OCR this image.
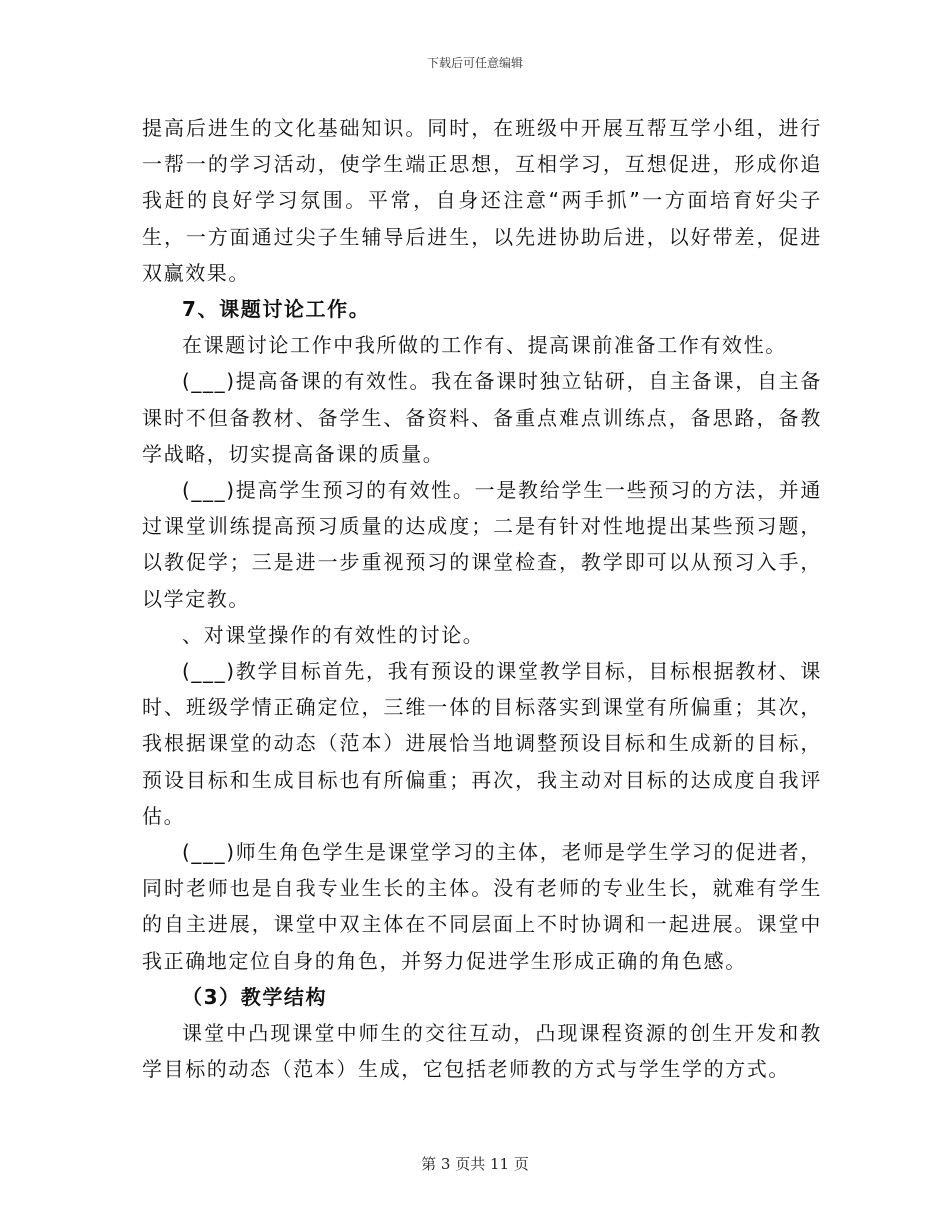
下载后可任意编辑

提高后进生的文化基础知识。同时，在班级中开展互帮互学小组，进行一帮一的学习活动，使学生端正思想，互相学习，互想促进，形成你追我赶的良好学习氛围。平常，自身还注意“两手抓”一方面培育好尖子生，一方面通过尖子生辅导后进生，以先进协助后进，以好带差，促进双赢效果。

7、课题讨论工作。

在课题讨论工作中我所做的工作有、提高课前准备工作有效性。

(___)提高备课的有效性。我在备课时独立钻研，自主备课，自主备课时不但备教材、备学生、备资料、备重点难点训练点，备思路，备教学战略，切实提高备课的质量。

(___)提高学生预习的有效性。一是教给学生一些预习的方法，并通过课堂训练提高预习质量的达成度；二是有针对性地提出某些预习题，以教促学；三是进一步重视预习的课堂检查，教学即可以从预习入手，以学定教。

、对课堂操作的有效性的讨论。

(___)教学目标首先，我有预设的课堂教学目标，目标根据教材、课时、班级学情正确定位，三维一体的目标落实到课堂有所偏重；其次，我根据课堂的动态（范本）进展恰当地调整预设目标和生成新的目标，预设目标和生成目标也有所偏重；再次，我主动对目标的达成度自我评估。

(___)师生角色学生是课堂学习的主体，老师是学生学习的促进者，同时老师也是自我专业生长的主体。没有老师的专业生长，就难有学生的自主进展，课堂中双主体在不同层面上不时协调和一起进展。课堂中我正确地定位自身的角色，并努力促进学生形成正确的角色感。

（3）教学结构

课堂中凸现课堂中师生的交往互动，凸现课程资源的创生开发和教学目标的动态（范本）生成，它包括老师教的方式与学生学的方式。

第 3 页共 11 页
